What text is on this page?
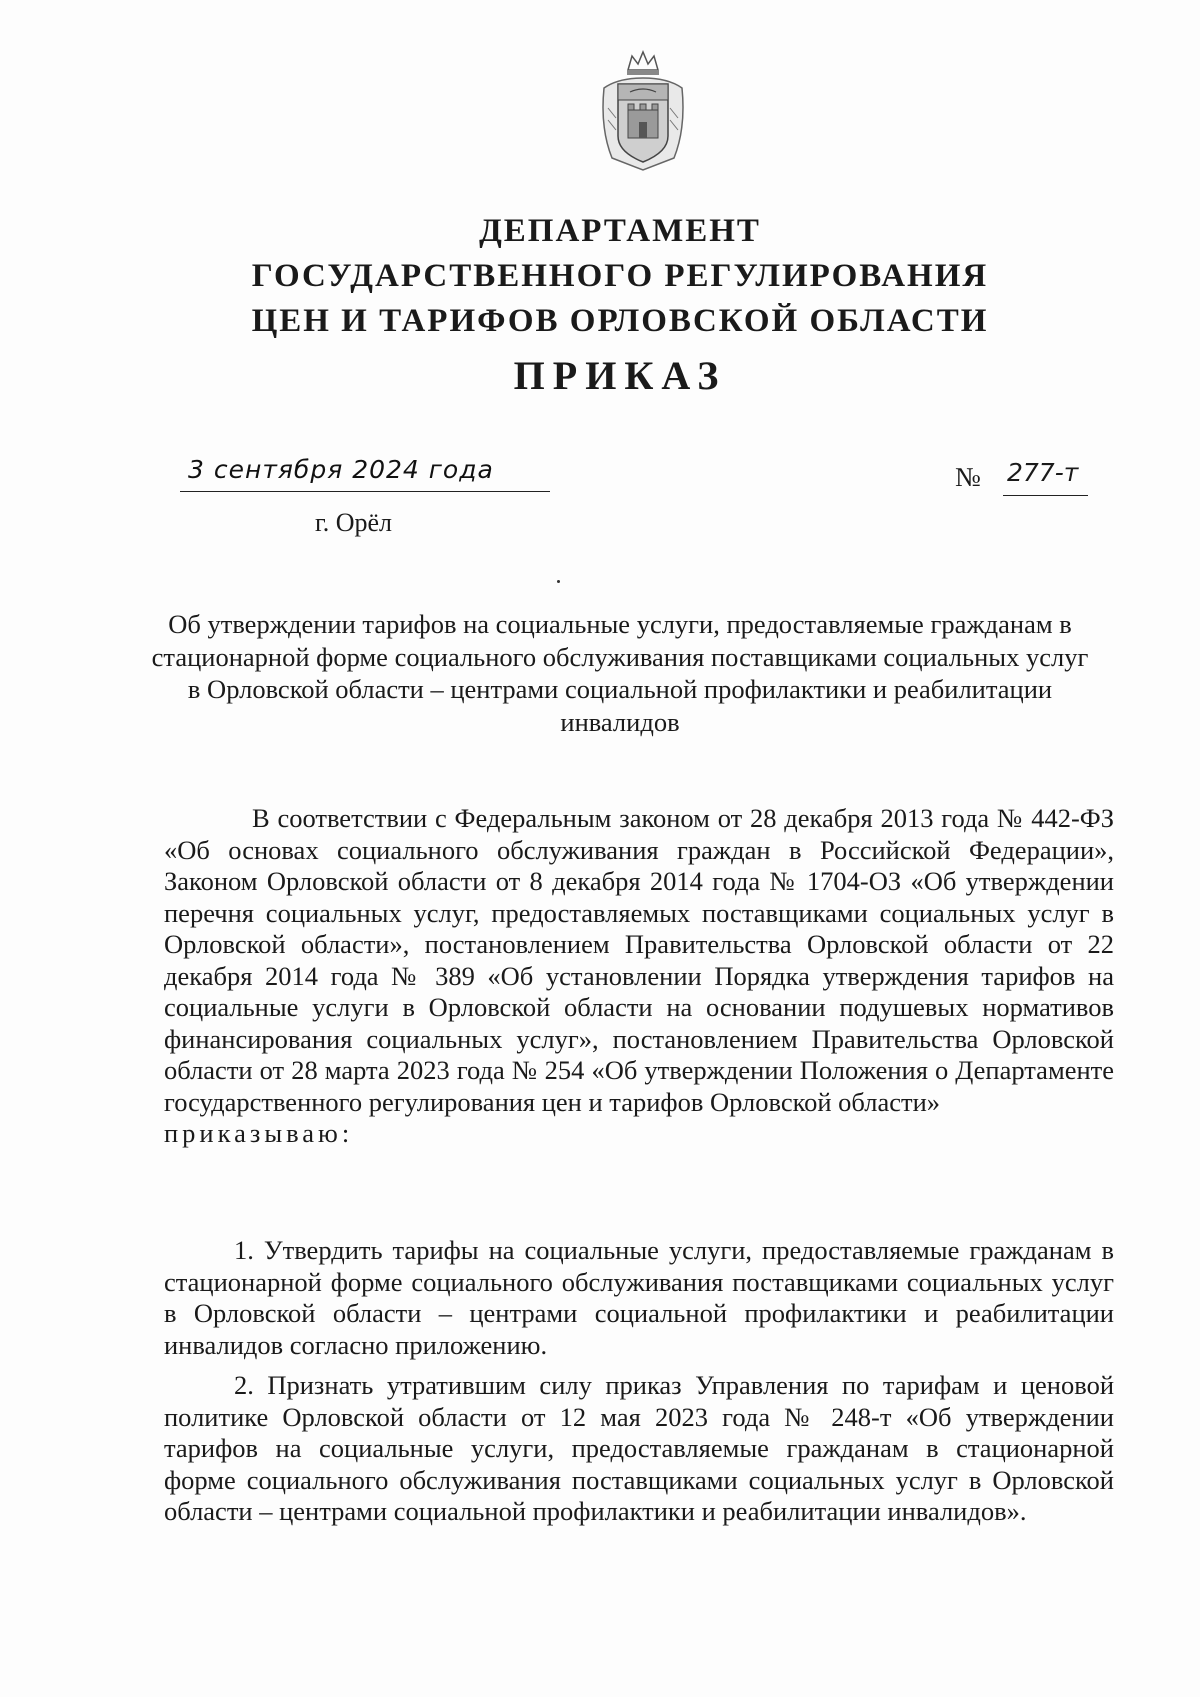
ДЕПАРТАМЕНТ
ГОСУДАРСТВЕННОГО РЕГУЛИРОВАНИЯ
ЦЕН И ТАРИФОВ ОРЛОВСКОЙ ОБЛАСТИ
ПРИКАЗ
3 сентября 2024 года	№ 277-т
г. Орёл
Об утверждении тарифов на социальные услуги, предоставляемые гражданам в стационарной форме социального обслуживания поставщиками социальных услуг в Орловской области – центрами социальной профилактики и реабилитации инвалидов
В соответствии с Федеральным законом от 28 декабря 2013 года № 442-ФЗ «Об основах социального обслуживания граждан в Российской Федерации», Законом Орловской области от 8 декабря 2014 года № 1704-ОЗ «Об утверждении перечня социальных услуг, предоставляемых поставщиками социальных услуг в Орловской области», постановлением Правительства Орловской области от 22 декабря 2014 года № 389 «Об установлении Порядка утверждения тарифов на социальные услуги в Орловской области на основании подушевых нормативов финансирования социальных услуг», постановлением Правительства Орловской области от 28 марта 2023 года № 254 «Об утверждении Положения о Департаменте государственного регулирования цен и тарифов Орловской области»
приказываю:
1. Утвердить тарифы на социальные услуги, предоставляемые гражданам в стационарной форме социального обслуживания поставщиками социальных услуг в Орловской области – центрами социальной профилактики и реабилитации инвалидов согласно приложению.
2. Признать утратившим силу приказ Управления по тарифам и ценовой политике Орловской области от 12 мая 2023 года № 248-т «Об утверждении тарифов на социальные услуги, предоставляемые гражданам в стационарной форме социального обслуживания поставщиками социальных услуг в Орловской области – центрами социальной профилактики и реабилитации инвалидов».
